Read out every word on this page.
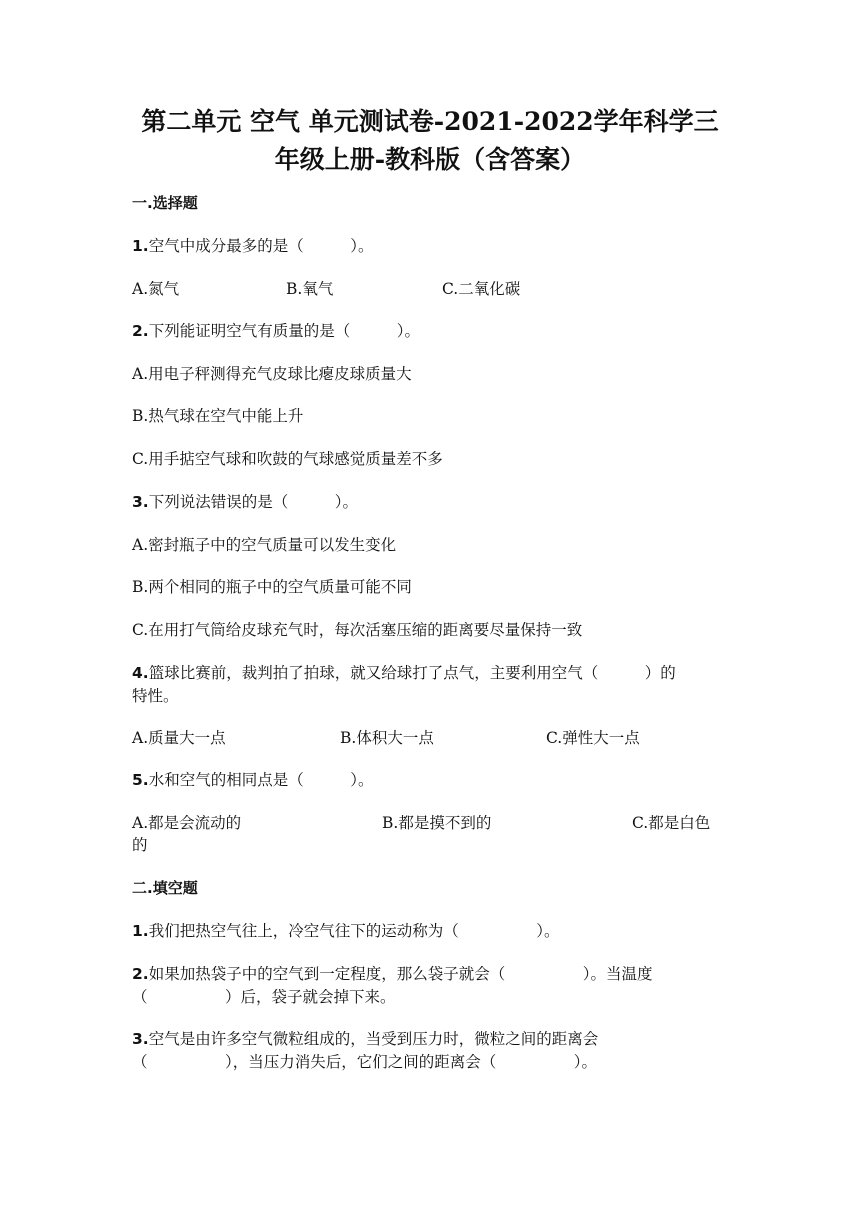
第二单元 空气 单元测试卷-2021-2022学年科学三
年级上册-教科版（含答案）
一.选择题
1.空气中成分最多的是（　　　）。
A.氮气	B.氧气	C.二氧化碳
2.下列能证明空气有质量的是（　　　）。
A.用电子秤测得充气皮球比瘪皮球质量大
B.热气球在空气中能上升
C.用手掂空气球和吹鼓的气球感觉质量差不多
3.下列说法错误的是（　　　）。
A.密封瓶子中的空气质量可以发生变化
B.两个相同的瓶子中的空气质量可能不同
C.在用打气筒给皮球充气时，每次活塞压缩的距离要尽量保持一致
4.篮球比赛前，裁判拍了拍球，就又给球打了点气，主要利用空气（　　　）的
特性。
A.质量大一点	B.体积大一点	C.弹性大一点
5.水和空气的相同点是（　　　）。
A.都是会流动的	B.都是摸不到的	C.都是白色
的
二.填空题
1.我们把热空气往上，冷空气往下的运动称为（　　　　　）。
2.如果加热袋子中的空气到一定程度，那么袋子就会（　　　　　）。当温度
（　　　　　）后，袋子就会掉下来。
3.空气是由许多空气微粒组成的，当受到压力时，微粒之间的距离会
（　　　　　），当压力消失后，它们之间的距离会（　　　　　）。
